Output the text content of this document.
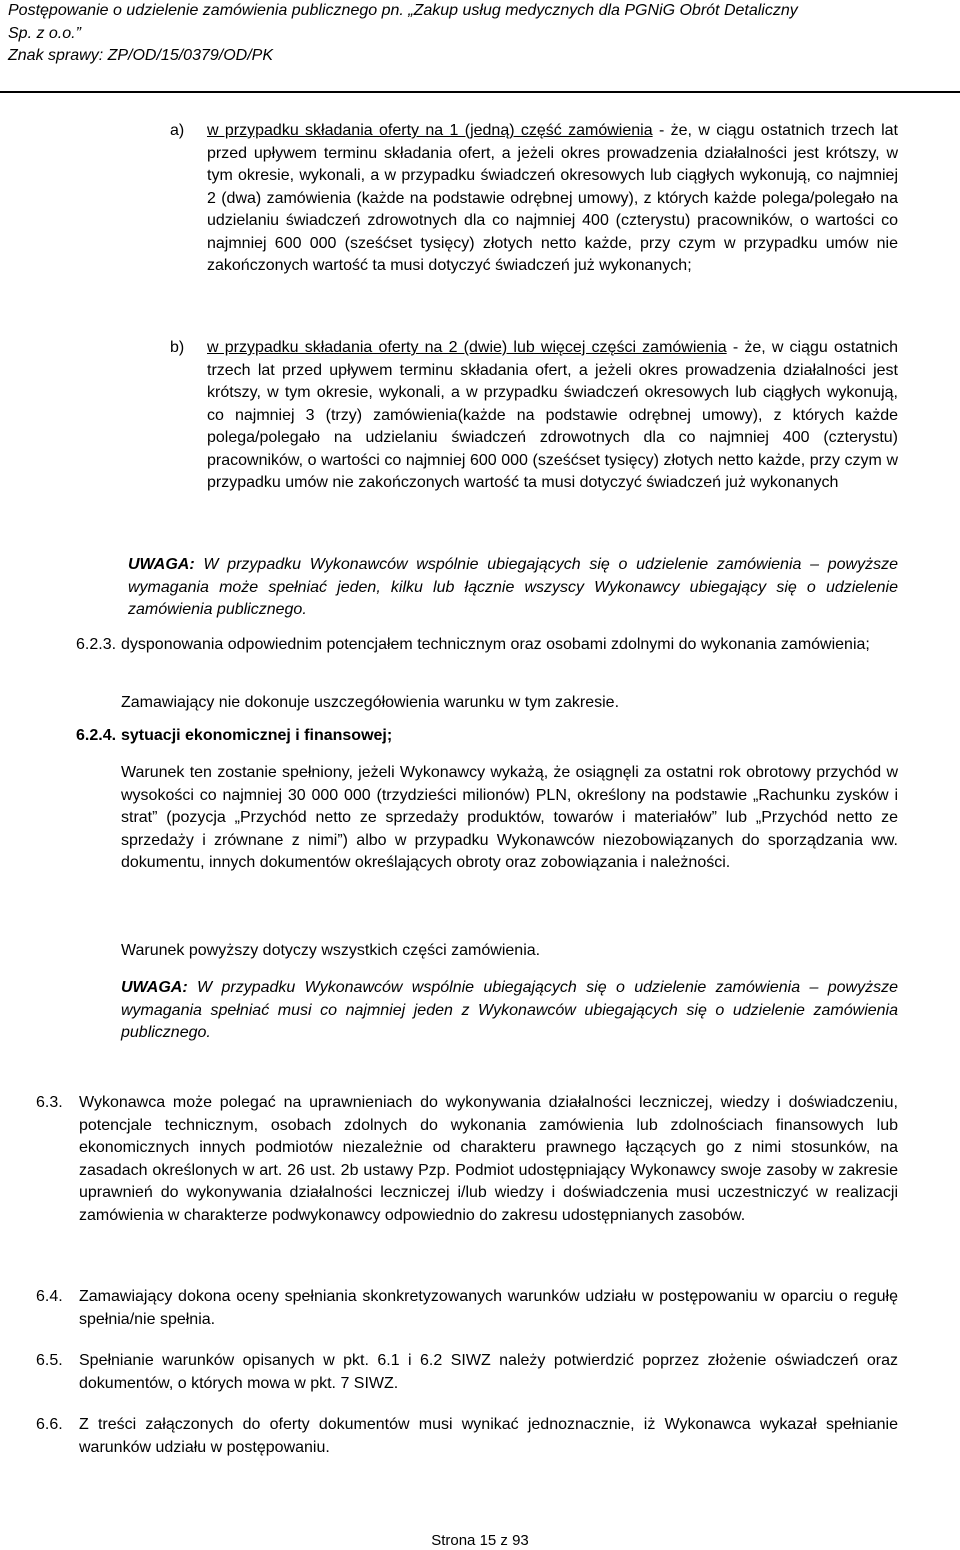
Postępowanie o udzielenie zamówienia publicznego pn. „Zakup usług medycznych dla PGNiG Obrót Detaliczny
Sp. z o.o.”
Znak sprawy: ZP/OD/15/0379/OD/PK
a) w przypadku składania oferty na 1 (jedną) część zamówienia - że, w ciągu ostatnich trzech lat przed upływem terminu składania ofert, a jeżeli okres prowadzenia działalności jest krótszy, w tym okresie, wykonali, a w przypadku świadczeń okresowych lub ciągłych wykonują, co najmniej 2 (dwa) zamówienia (każde na podstawie odrębnej umowy), z których każde polega/polegało na udzielaniu świadczeń zdrowotnych dla co najmniej 400 (czterystu) pracowników, o wartości co najmniej 600 000 (sześćset tysięcy) złotych netto każde, przy czym w przypadku umów nie zakończonych wartość ta musi dotyczyć świadczeń już wykonanych;

b) w przypadku składania oferty na 2 (dwie) lub więcej części zamówienia - że, w ciągu ostatnich trzech lat przed upływem terminu składania ofert, a jeżeli okres prowadzenia działalności jest krótszy, w tym okresie, wykonali, a w przypadku świadczeń okresowych lub ciągłych wykonują, co najmniej 3 (trzy) zamówienia(każde na podstawie odrębnej umowy), z których każde polega/polegało na udzielaniu świadczeń zdrowotnych dla co najmniej 400 (czterystu) pracowników, o wartości co najmniej 600 000 (sześćset tysięcy) złotych netto każde, przy czym w przypadku umów nie zakończonych wartość ta musi dotyczyć świadczeń już wykonanych

UWAGA: W przypadku Wykonawców wspólnie ubiegających się o udzielenie zamówienia – powyższe wymagania może spełniać jeden, kilku lub łącznie wszyscy Wykonawcy ubiegający się o udzielenie zamówienia publicznego.

6.2.3. dysponowania odpowiednim potencjałem technicznym oraz osobami zdolnymi do wykonania zamówienia;

Zamawiający nie dokonuje uszczegółowienia warunku w tym zakresie.

6.2.4. sytuacji ekonomicznej i finansowej;

Warunek ten zostanie spełniony, jeżeli Wykonawcy wykażą, że osiągnęli za ostatni rok obrotowy przychód w wysokości co najmniej 30 000 000 (trzydzieści milionów) PLN, określony na podstawie „Rachunku zysków i strat” (pozycja „Przychód netto ze sprzedaży produktów, towarów i materiałów” lub „Przychód netto ze sprzedaży i zrównane z nimi”) albo w przypadku Wykonawców niezobowiązanych do sporządzania ww. dokumentu, innych dokumentów określających obroty oraz zobowiązania i należności.

Warunek powyższy dotyczy wszystkich części zamówienia.

UWAGA: W przypadku Wykonawców wspólnie ubiegających się o udzielenie zamówienia – powyższe wymagania spełniać musi co najmniej jeden z Wykonawców ubiegających się o udzielenie zamówienia publicznego.

6.3. Wykonawca może polegać na uprawnieniach do wykonywania działalności leczniczej, wiedzy i doświadczeniu, potencjale technicznym, osobach zdolnych do wykonania zamówienia lub zdolnościach finansowych lub ekonomicznych innych podmiotów niezależnie od charakteru prawnego łączących go z nimi stosunków, na zasadach określonych w art. 26 ust. 2b ustawy Pzp. Podmiot udostępniający Wykonawcy swoje zasoby w zakresie uprawnień do wykonywania działalności leczniczej i/lub wiedzy i doświadczenia musi uczestniczyć w realizacji zamówienia w charakterze podwykonawcy odpowiednio do zakresu udostępnianych zasobów.

6.4. Zamawiający dokona oceny spełniania skonkretyzowanych warunków udziału w postępowaniu w oparciu o regułę spełnia/nie spełnia.

6.5. Spełnianie warunków opisanych w pkt. 6.1 i 6.2 SIWZ należy potwierdzić poprzez złożenie oświadczeń oraz dokumentów, o których mowa w pkt. 7 SIWZ.

6.6. Z treści załączonych do oferty dokumentów musi wynikać jednoznacznie, iż Wykonawca wykazał spełnianie warunków udziału w postępowaniu.

Strona 15 z 93
